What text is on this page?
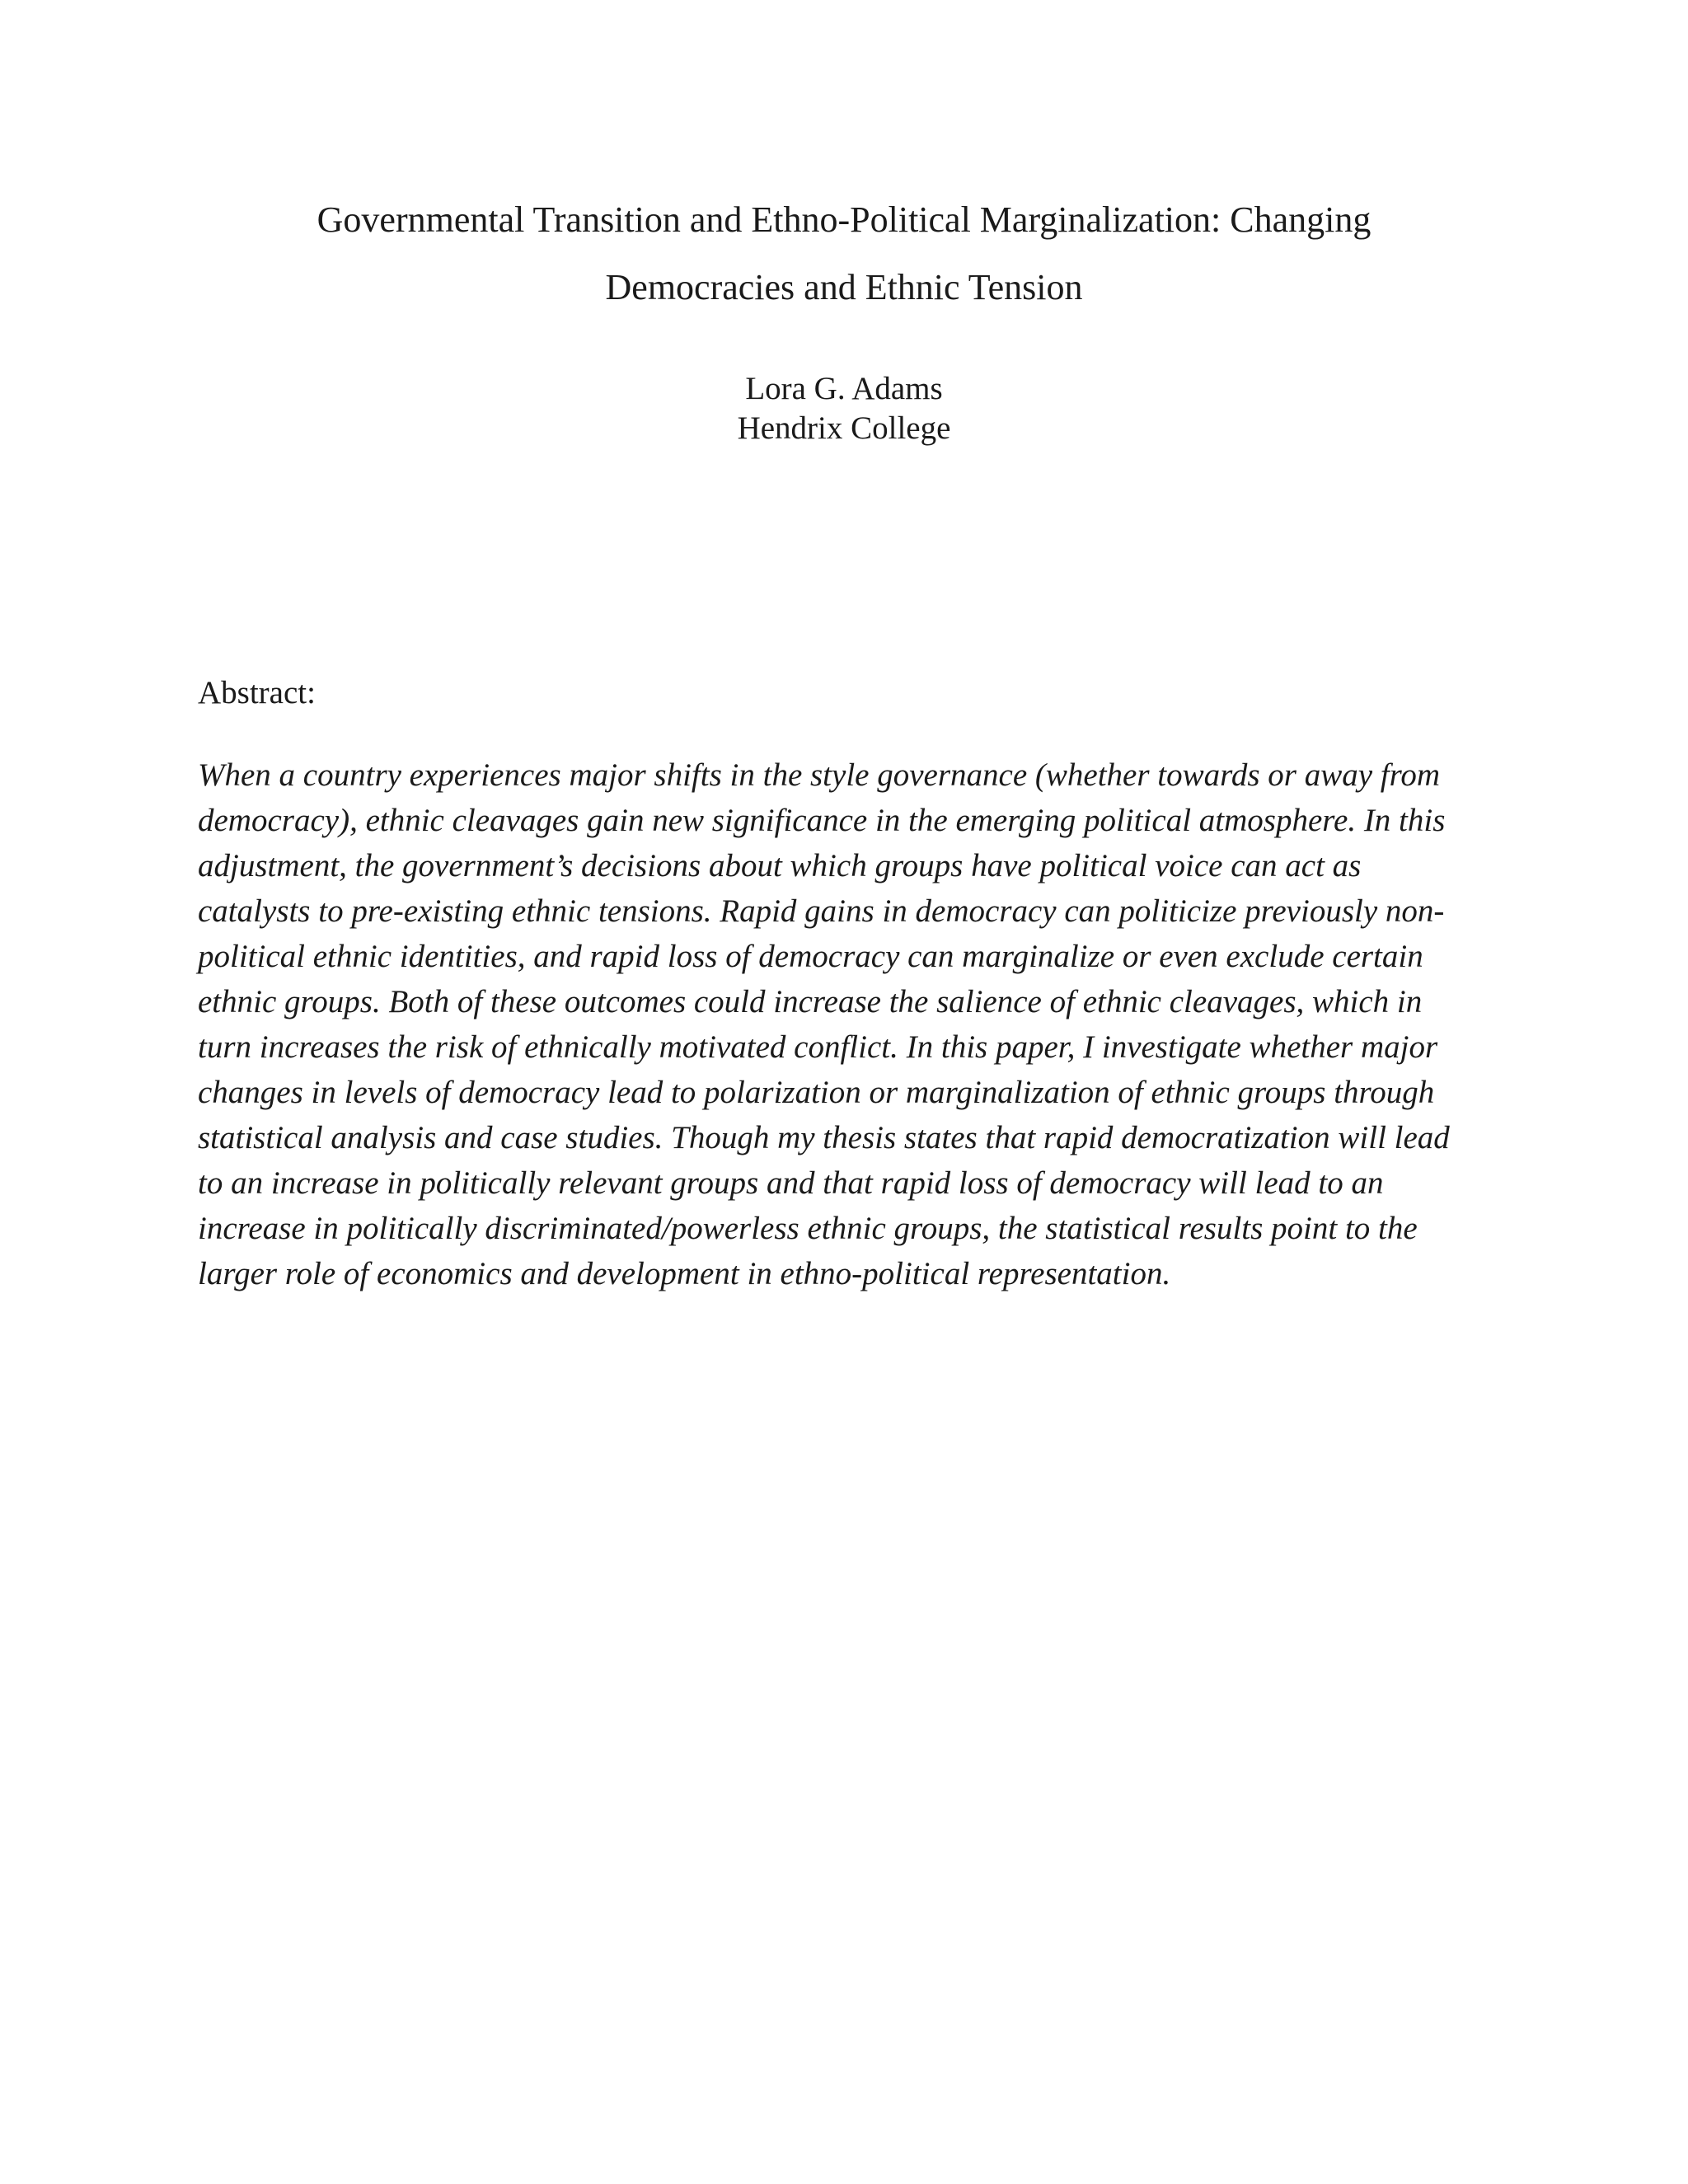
Governmental Transition and Ethno-Political Marginalization: Changing
Democracies and Ethnic Tension
Lora G. Adams
Hendrix College
Abstract:
When a country experiences major shifts in the style governance (whether towards or away from
democracy), ethnic cleavages gain new significance in the emerging political atmosphere. In this
adjustment, the government’s decisions about which groups have political voice can act as
catalysts to pre-existing ethnic tensions. Rapid gains in democracy can politicize previously non-
political ethnic identities, and rapid loss of democracy can marginalize or even exclude certain
ethnic groups. Both of these outcomes could increase the salience of ethnic cleavages, which in
turn increases the risk of ethnically motivated conflict. In this paper, I investigate whether major
changes in levels of democracy lead to polarization or marginalization of ethnic groups through
statistical analysis and case studies. Though my thesis states that rapid democratization will lead
to an increase in politically relevant groups and that rapid loss of democracy will lead to an
increase in politically discriminated/powerless ethnic groups, the statistical results point to the
larger role of economics and development in ethno-political representation.
